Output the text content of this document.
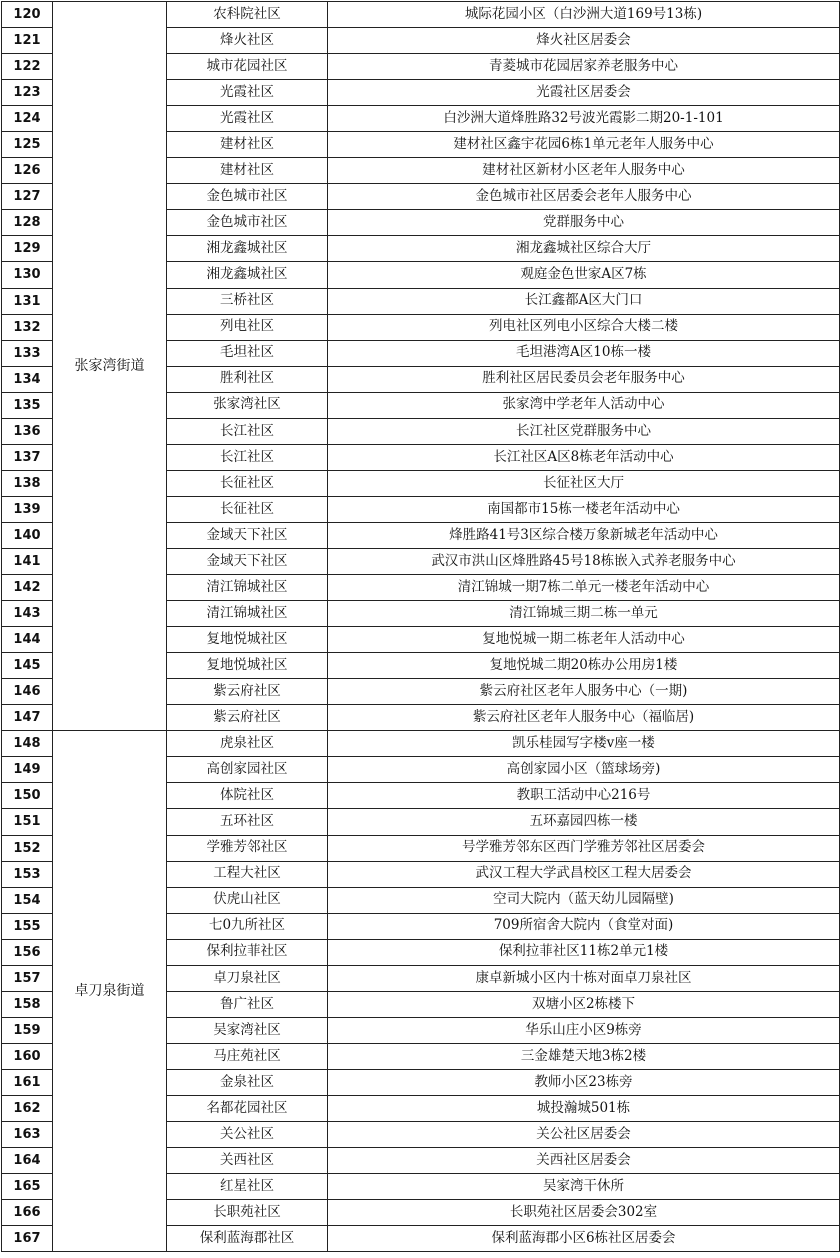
120	张家湾街道	农科院社区	城际花园小区（白沙洲大道169号13栋)
121		烽火社区	烽火社区居委会
122		城市花园社区	青菱城市花园居家养老服务中心
123		光霞社区	光霞社区居委会
124		光霞社区	白沙洲大道烽胜路32号波光霞影二期20-1-101
125		建材社区	建材社区鑫宇花园6栋1单元老年人服务中心
126		建材社区	建材社区新材小区老年人服务中心
127		金色城市社区	金色城市社区居委会老年人服务中心
128		金色城市社区	党群服务中心
129		湘龙鑫城社区	湘龙鑫城社区综合大厅
130		湘龙鑫城社区	观庭金色世家A区7栋
131		三桥社区	长江鑫都A区大门口
132		列电社区	列电社区列电小区综合大楼二楼
133		毛坦社区	毛坦港湾A区10栋一楼
134		胜利社区	胜利社区居民委员会老年服务中心
135		张家湾社区	张家湾中学老年人活动中心
136		长江社区	长江社区党群服务中心
137		长江社区	长江社区A区8栋老年活动中心
138		长征社区	长征社区大厅
139		长征社区	南国都市15栋一楼老年活动中心
140		金域天下社区	烽胜路41号3区综合楼万象新城老年活动中心
141		金域天下社区	武汉市洪山区烽胜路45号18栋嵌入式养老服务中心
142		清江锦城社区	清江锦城一期7栋二单元一楼老年活动中心
143		清江锦城社区	清江锦城三期二栋一单元
144		复地悦城社区	复地悦城一期二栋老年人活动中心
145		复地悦城社区	复地悦城二期20栋办公用房1楼
146		紫云府社区	紫云府社区老年人服务中心（一期)
147		紫云府社区	紫云府社区老年人服务中心（福临居)
148	卓刀泉街道	虎泉社区	凯乐桂园写字楼v座一楼
149		高创家园社区	高创家园小区（篮球场旁)
150		体院社区	教职工活动中心216号
151		五环社区	五环嘉园四栋一楼
152		学雅芳邻社区	号学雅芳邻东区西门学雅芳邻社区居委会
153		工程大社区	武汉工程大学武昌校区工程大居委会
154		伏虎山社区	空司大院内（蓝天幼儿园隔壁)
155		七0九所社区	709所宿舍大院内（食堂对面)
156		保利拉菲社区	保利拉菲社区11栋2单元1楼
157		卓刀泉社区	康卓新城小区内十栋对面卓刀泉社区
158		鲁广社区	双塘小区2栋楼下
159		吴家湾社区	华乐山庄小区9栋旁
160		马庄苑社区	三金雄楚天地3栋2楼
161		金泉社区	教师小区23栋旁
162		名都花园社区	城投瀚城501栋
163		关公社区	关公社区居委会
164		关西社区	关西社区居委会
165		红星社区	吴家湾干休所
166		长职苑社区	长职苑社区居委会302室
167		保利蓝海郡社区	保利蓝海郡小区6栋社区居委会
